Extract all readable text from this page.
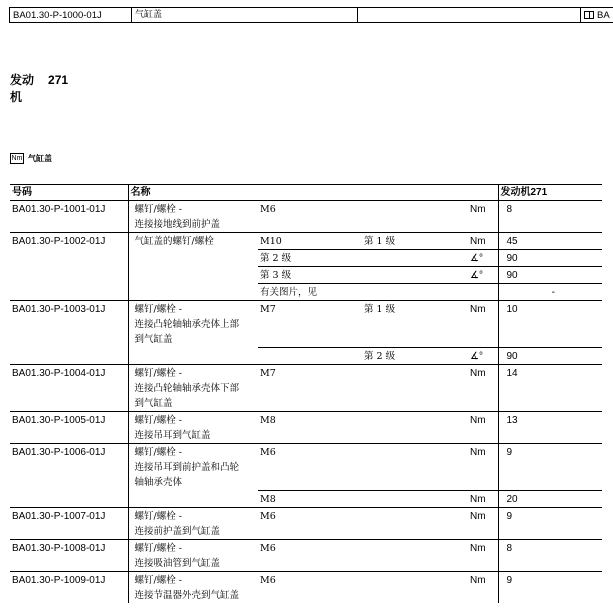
BA01.30-P-1000-01J	气缸盖	BA
发动 271
机
Nm 气缸盖
号码	名称				发动机271
BA01.30-P-1001-01J	螺钉/螺栓 -
连接接地线到前护盖	M6		Nm	8
BA01.30-P-1002-01J	气缸盖的螺钉/螺栓	M10	第 1 级	Nm	45
		第 2 级		∡°	90
		第 3 级		∡°	90
		有关图片，见			-
BA01.30-P-1003-01J	螺钉/螺栓 -
连接凸轮轴轴承壳体上部
到气缸盖	M7	第 1 级	Nm	10
			第 2 级	∡°	90
BA01.30-P-1004-01J	螺钉/螺栓 -
连接凸轮轴轴承壳体下部
到气缸盖	M7		Nm	14
BA01.30-P-1005-01J	螺钉/螺栓 -
连接吊耳到气缸盖	M8		Nm	13
BA01.30-P-1006-01J	螺钉/螺栓 -
连接吊耳到前护盖和凸轮
轴轴承壳体	M6		Nm	9
		M8		Nm	20
BA01.30-P-1007-01J	螺钉/螺栓 -
连接前护盖到气缸盖	M6		Nm	9
BA01.30-P-1008-01J	螺钉/螺栓 -
连接吸油管到气缸盖	M6		Nm	8
BA01.30-P-1009-01J	螺钉/螺栓 -
连接节温器外壳到气缸盖	M6		Nm	9
